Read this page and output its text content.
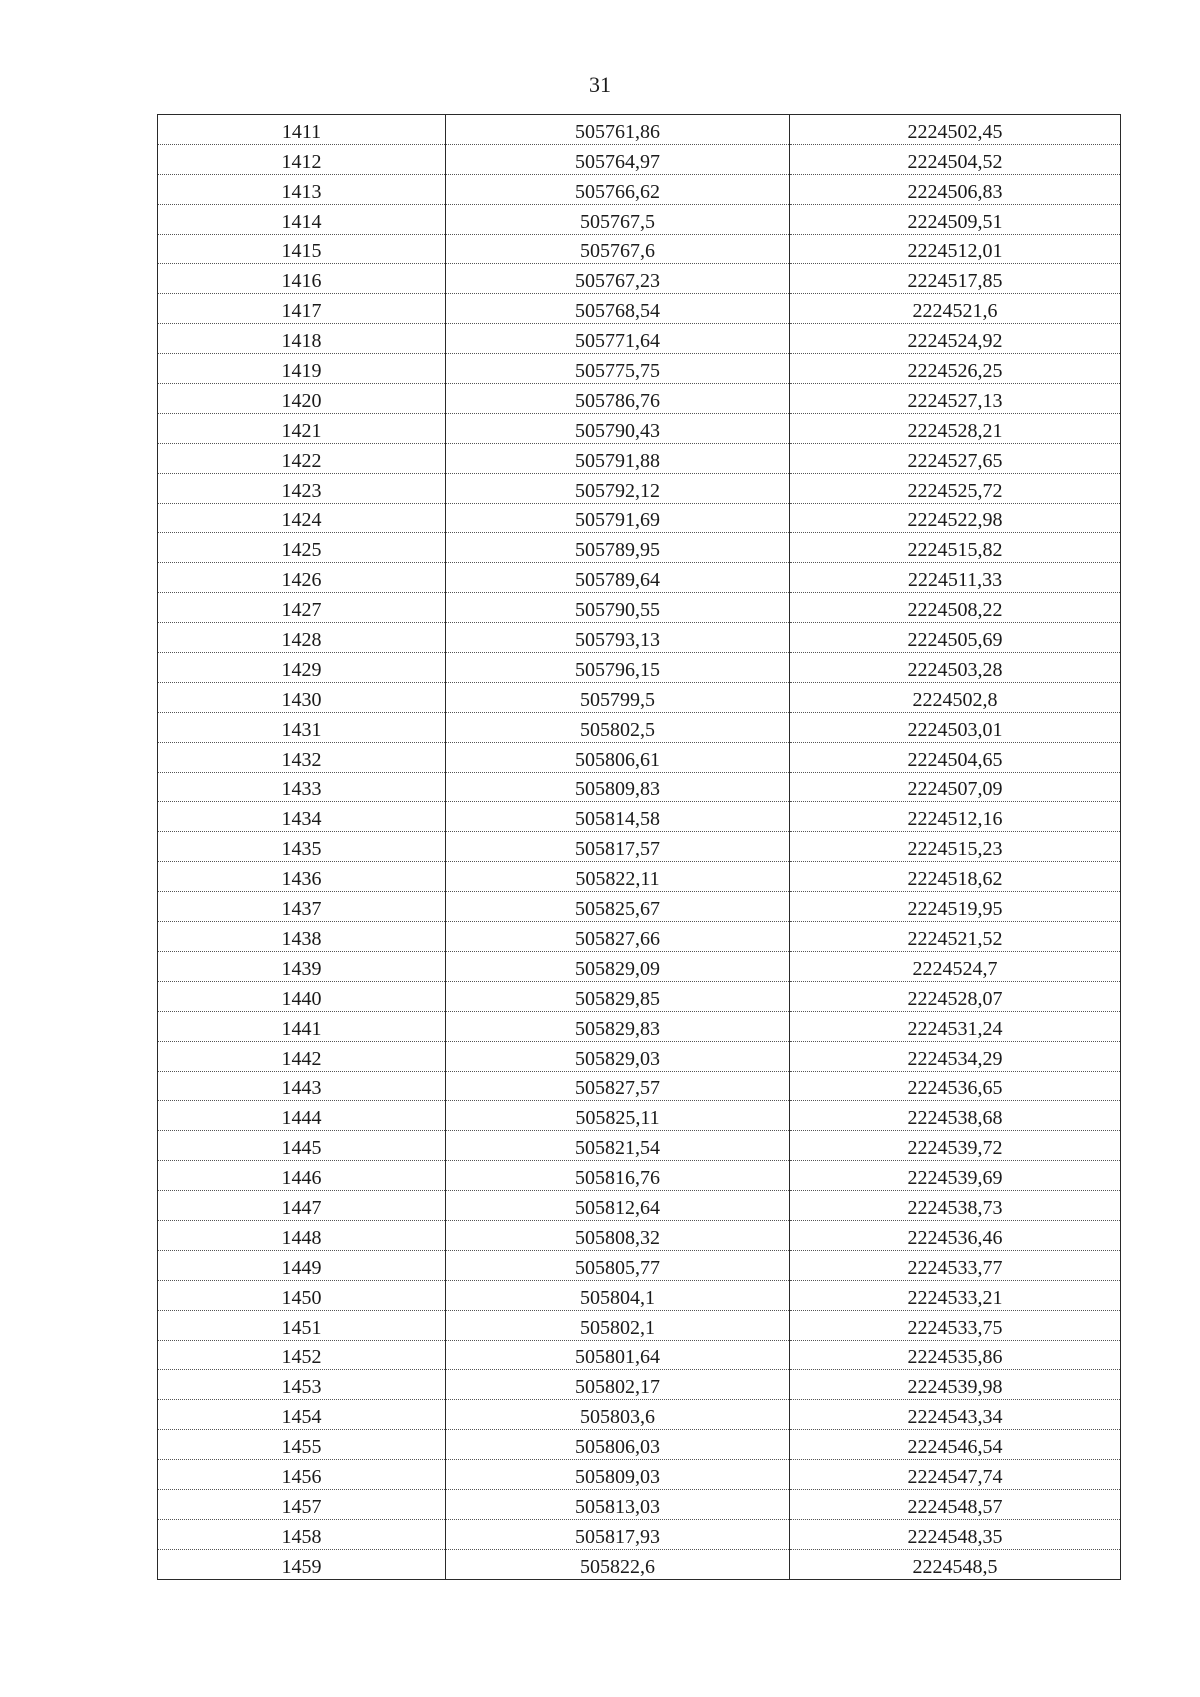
31
1411	505761,86	2224502,45
1412	505764,97	2224504,52
1413	505766,62	2224506,83
1414	505767,5	2224509,51
1415	505767,6	2224512,01
1416	505767,23	2224517,85
1417	505768,54	2224521,6
1418	505771,64	2224524,92
1419	505775,75	2224526,25
1420	505786,76	2224527,13
1421	505790,43	2224528,21
1422	505791,88	2224527,65
1423	505792,12	2224525,72
1424	505791,69	2224522,98
1425	505789,95	2224515,82
1426	505789,64	2224511,33
1427	505790,55	2224508,22
1428	505793,13	2224505,69
1429	505796,15	2224503,28
1430	505799,5	2224502,8
1431	505802,5	2224503,01
1432	505806,61	2224504,65
1433	505809,83	2224507,09
1434	505814,58	2224512,16
1435	505817,57	2224515,23
1436	505822,11	2224518,62
1437	505825,67	2224519,95
1438	505827,66	2224521,52
1439	505829,09	2224524,7
1440	505829,85	2224528,07
1441	505829,83	2224531,24
1442	505829,03	2224534,29
1443	505827,57	2224536,65
1444	505825,11	2224538,68
1445	505821,54	2224539,72
1446	505816,76	2224539,69
1447	505812,64	2224538,73
1448	505808,32	2224536,46
1449	505805,77	2224533,77
1450	505804,1	2224533,21
1451	505802,1	2224533,75
1452	505801,64	2224535,86
1453	505802,17	2224539,98
1454	505803,6	2224543,34
1455	505806,03	2224546,54
1456	505809,03	2224547,74
1457	505813,03	2224548,57
1458	505817,93	2224548,35
1459	505822,6	2224548,5
